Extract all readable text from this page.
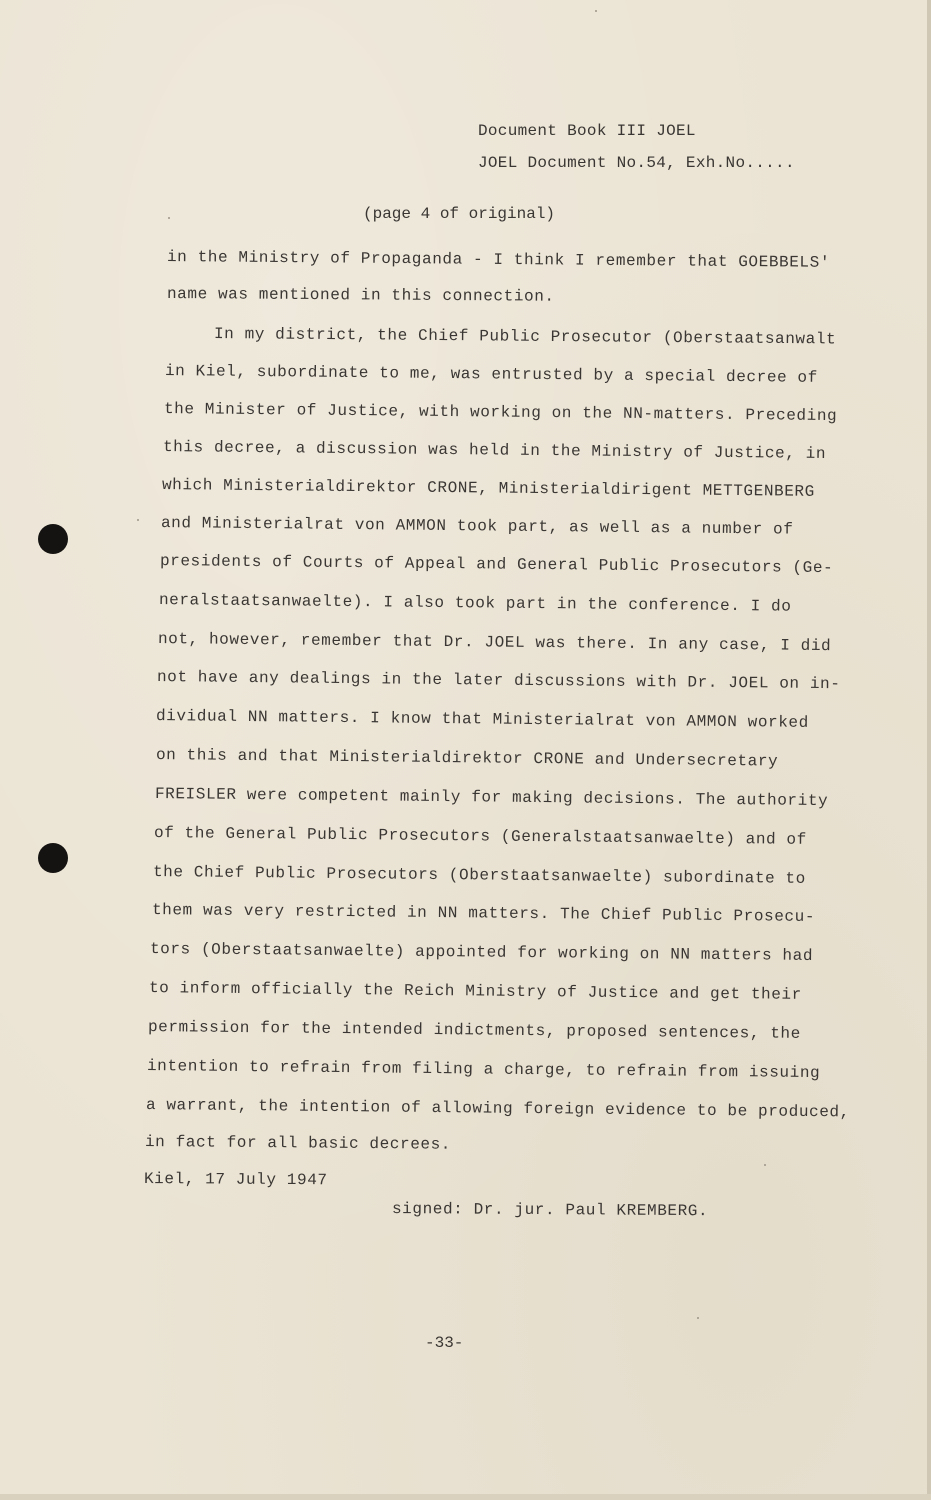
Document Book III JOEL
JOEL Document No.54, Exh.No.....
(page 4 of original)
in the Ministry of Propaganda - I think I remember that GOEBBELS'
name was mentioned in this connection.
In my district, the Chief Public Prosecutor (Oberstaatsanwalt
in Kiel, subordinate to me, was entrusted by a special decree of
the Minister of Justice, with working on the NN-matters. Preceding
this decree, a discussion was held in the Ministry of Justice, in
which Ministerialdirektor CRONE, Ministerialdirigent METTGENBERG
and Ministerialrat von AMMON took part, as well as a number of
presidents of Courts of Appeal and General Public Prosecutors (Ge-
neralstaatsanwaelte). I also took part in the conference. I do
not, however, remember that Dr. JOEL was there. In any case, I did
not have any dealings in the later discussions with Dr. JOEL on in-
dividual NN matters. I know that Ministerialrat von AMMON worked
on this and that Ministerialdirektor CRONE and Undersecretary
FREISLER were competent mainly for making decisions. The authority
of the General Public Prosecutors (Generalstaatsanwaelte) and of
the Chief Public Prosecutors (Oberstaatsanwaelte) subordinate to
them was very restricted in NN matters. The Chief Public Prosecu-
tors (Oberstaatsanwaelte) appointed for working on NN matters had
to inform officially the Reich Ministry of Justice and get their
permission for the intended indictments, proposed sentences, the
intention to refrain from filing a charge, to refrain from issuing
a warrant, the intention of allowing foreign evidence to be produced,
in fact for all basic decrees.
Kiel, 17 July 1947
signed: Dr. jur. Paul KREMBERG.
-33-
